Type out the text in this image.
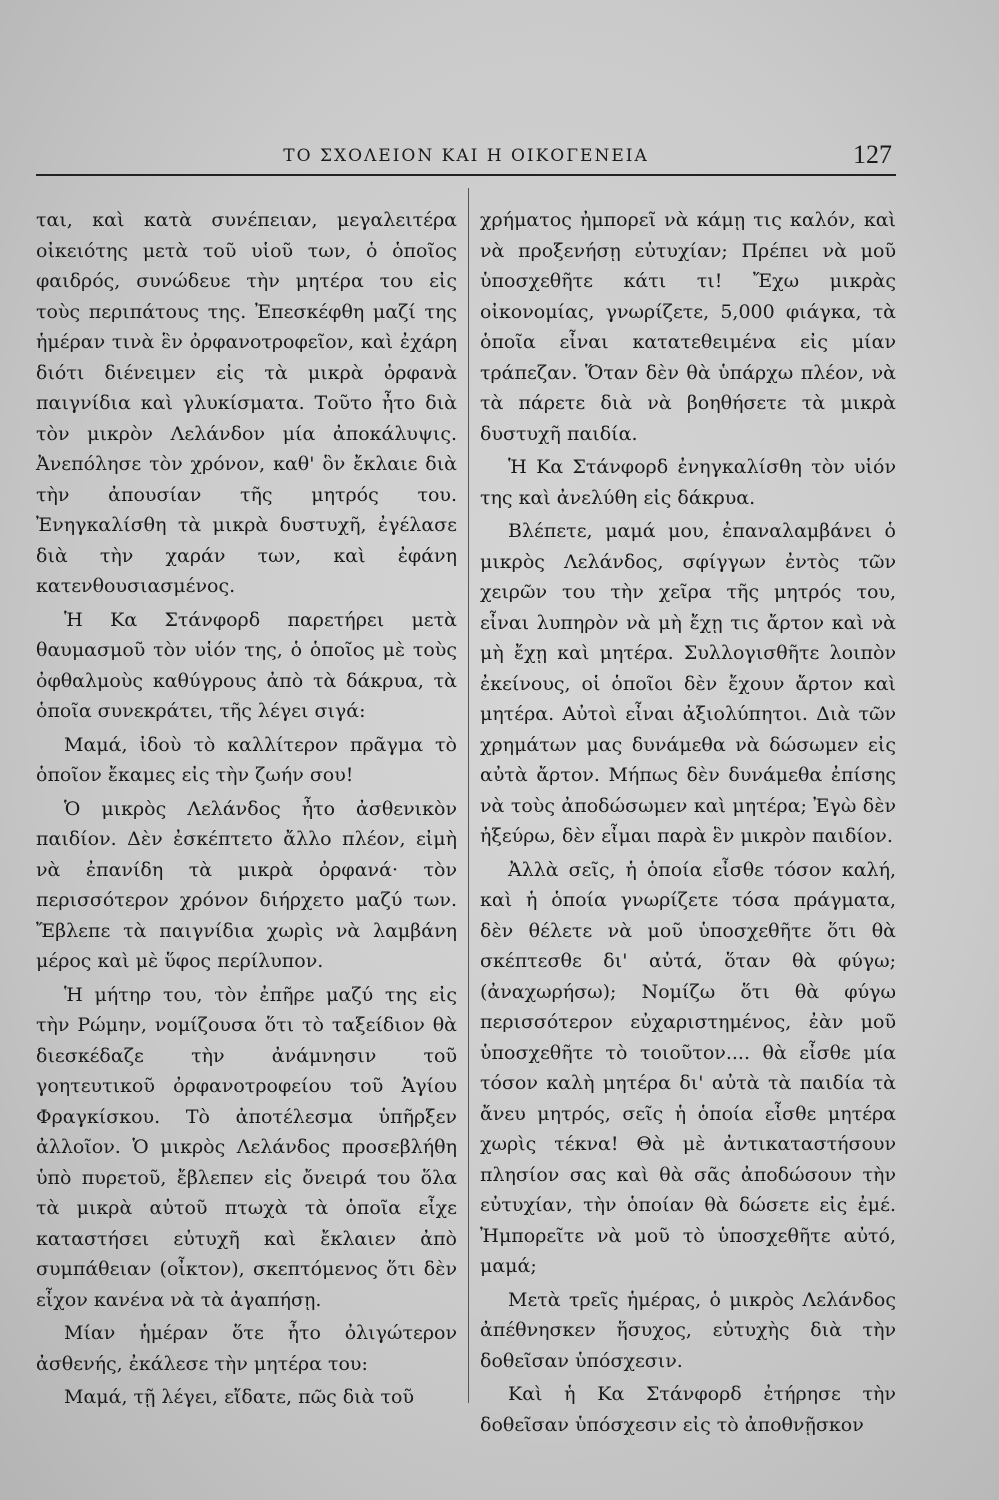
ΤΟ ΣΧΟΛΕΙΟΝ ΚΑΙ Η ΟΙΚΟΓΕΝΕΙΑ	127

ται, καὶ κατὰ συνέπειαν, μεγαλειτέρα οἰκειότης μετὰ τοῦ υἱοῦ των, ὁ ὁποῖος φαιδρός, συνώδευε τὴν μητέρα του εἰς τοὺς περιπάτους της. Ἐπεσκέφθη μαζί της ἡμέραν τινὰ ἓν ὀρφανοτροφεῖον, καὶ ἐχάρη διότι διένειμεν εἰς τὰ μικρὰ ὀρφανὰ παιγνίδια καὶ γλυκίσματα. Τοῦτο ἦτο διὰ τὸν μικρὸν Λελάνδον μία ἀποκάλυψις. Ἀνεπόλησε τὸν χρόνον, καθ' ὃν ἔκλαιε διὰ τὴν ἀπουσίαν τῆς μητρός του. Ἐνηγκαλίσθη τὰ μικρὰ δυστυχῆ, ἐγέλασε διὰ τὴν χαράν των, καὶ ἐφάνη κατενθουσιασμένος.

Ἡ Κα Στάνφορδ παρετήρει μετὰ θαυμασμοῦ τὸν υἱόν της, ὁ ὁποῖος μὲ τοὺς ὀφθαλμοὺς καθύγρους ἀπὸ τὰ δάκρυα, τὰ ὁποῖα συνεκράτει, τῆς λέγει σιγά:

Μαμά, ἰδοὺ τὸ καλλίτερον πρᾶγμα τὸ ὁποῖον ἔκαμες εἰς τὴν ζωήν σου!

Ὁ μικρὸς Λελάνδος ἦτο ἀσθενικὸν παιδίον. Δὲν ἐσκέπτετο ἄλλο πλέον, εἰμὴ νὰ ἐπανίδη τὰ μικρὰ ὀρφανά· τὸν περισσότερον χρόνον διήρχετο μαζύ των. Ἔβλεπε τὰ παιγνίδια χωρὶς νὰ λαμβάνη μέρος καὶ μὲ ὕφος περίλυπον.

Ἡ μήτηρ του, τὸν ἐπῆρε μαζύ της εἰς τὴν Ρώμην, νομίζουσα ὅτι τὸ ταξείδιον θὰ διεσκέδαζε τὴν ἀνάμνησιν τοῦ γοητευτικοῦ ὀρφανοτροφείου τοῦ Ἁγίου Φραγκίσκου. Τὸ ἀποτέλεσμα ὑπῆρξεν ἀλλοῖον. Ὁ μικρὸς Λελάνδος προσεβλήθη ὑπὸ πυρετοῦ, ἔβλεπεν εἰς ὄνειρά του ὅλα τὰ μικρὰ αὐτοῦ πτωχὰ τὰ ὁποῖα εἶχε καταστήσει εὐτυχῆ καὶ ἔκλαιεν ἀπὸ συμπάθειαν (οἶκτον), σκεπτόμενος ὅτι δὲν εἶχον κανένα νὰ τὰ ἀγαπήσῃ.

Μίαν ἡμέραν ὅτε ἦτο ὀλιγώτερον ἀσθενής, ἐκάλεσε τὴν μητέρα του:

Μαμά, τῇ λέγει, εἴδατε, πῶς διὰ τοῦ

χρήματος ἠμπορεῖ νὰ κάμῃ τις καλόν, καὶ νὰ προξενήσῃ εὐτυχίαν; Πρέπει νὰ μοῦ ὑποσχεθῆτε κάτι τι! Ἔχω μικρὰς οἰκονομίας, γνωρίζετε, 5,000 φιάγκα, τὰ ὁποῖα εἶναι κατατεθειμένα εἰς μίαν τράπεζαν. Ὅταν δὲν θὰ ὑπάρχω πλέον, νὰ τὰ πάρετε διὰ νὰ βοηθήσετε τὰ μικρὰ δυστυχῆ παιδία.

Ἡ Κα Στάνφορδ ἐνηγκαλίσθη τὸν υἱόν της καὶ ἀνελύθη εἰς δάκρυα.

Βλέπετε, μαμά μου, ἐπαναλαμβάνει ὁ μικρὸς Λελάνδος, σφίγγων ἐντὸς τῶν χειρῶν του τὴν χεῖρα τῆς μητρός του, εἶναι λυπηρὸν νὰ μὴ ἔχῃ τις ἄρτον καὶ νὰ μὴ ἔχῃ καὶ μητέρα. Συλλογισθῆτε λοιπὸν ἐκείνους, οἱ ὁποῖοι δὲν ἔχουν ἄρτον καὶ μητέρα. Αὐτοὶ εἶναι ἀξιολύπητοι. Διὰ τῶν χρημάτων μας δυνάμεθα νὰ δώσωμεν εἰς αὐτὰ ἄρτον. Μήπως δὲν δυνάμεθα ἐπίσης νὰ τοὺς ἀποδώσωμεν καὶ μητέρα; Ἐγὼ δὲν ἠξεύρω, δὲν εἶμαι παρὰ ἓν μικρὸν παιδίον.

Ἀλλὰ σεῖς, ἡ ὁποία εἶσθε τόσον καλή, καὶ ἡ ὁποία γνωρίζετε τόσα πράγματα, δὲν θέλετε νὰ μοῦ ὑποσχεθῆτε ὅτι θὰ σκέπτεσθε δι' αὐτά, ὅταν θὰ φύγω; (ἀναχωρήσω); Νομίζω ὅτι θὰ φύγω περισσότερον εὐχαριστημένος, ἐὰν μοῦ ὑποσχεθῆτε τὸ τοιοῦτον.... θὰ εἶσθε μία τόσον καλὴ μητέρα δι' αὐτὰ τὰ παιδία τὰ ἄνευ μητρός, σεῖς ἡ ὁποία εἶσθε μητέρα χωρὶς τέκνα! Θὰ μὲ ἀντικαταστήσουν πλησίον σας καὶ θὰ σᾶς ἀποδώσουν τὴν εὐτυχίαν, τὴν ὁποίαν θὰ δώσετε εἰς ἐμέ. Ἠμπορεῖτε νὰ μοῦ τὸ ὑποσχεθῆτε αὐτό, μαμά;

Μετὰ τρεῖς ἡμέρας, ὁ μικρὸς Λελάνδος ἀπέθνησκεν ἥσυχος, εὐτυχὴς διὰ τὴν δοθεῖσαν ὑπόσχεσιν.

Καὶ ἡ Κα Στάνφορδ ἐτήρησε τὴν δοθεῖσαν ὑπόσχεσιν εἰς τὸ ἀποθνῇσκον
